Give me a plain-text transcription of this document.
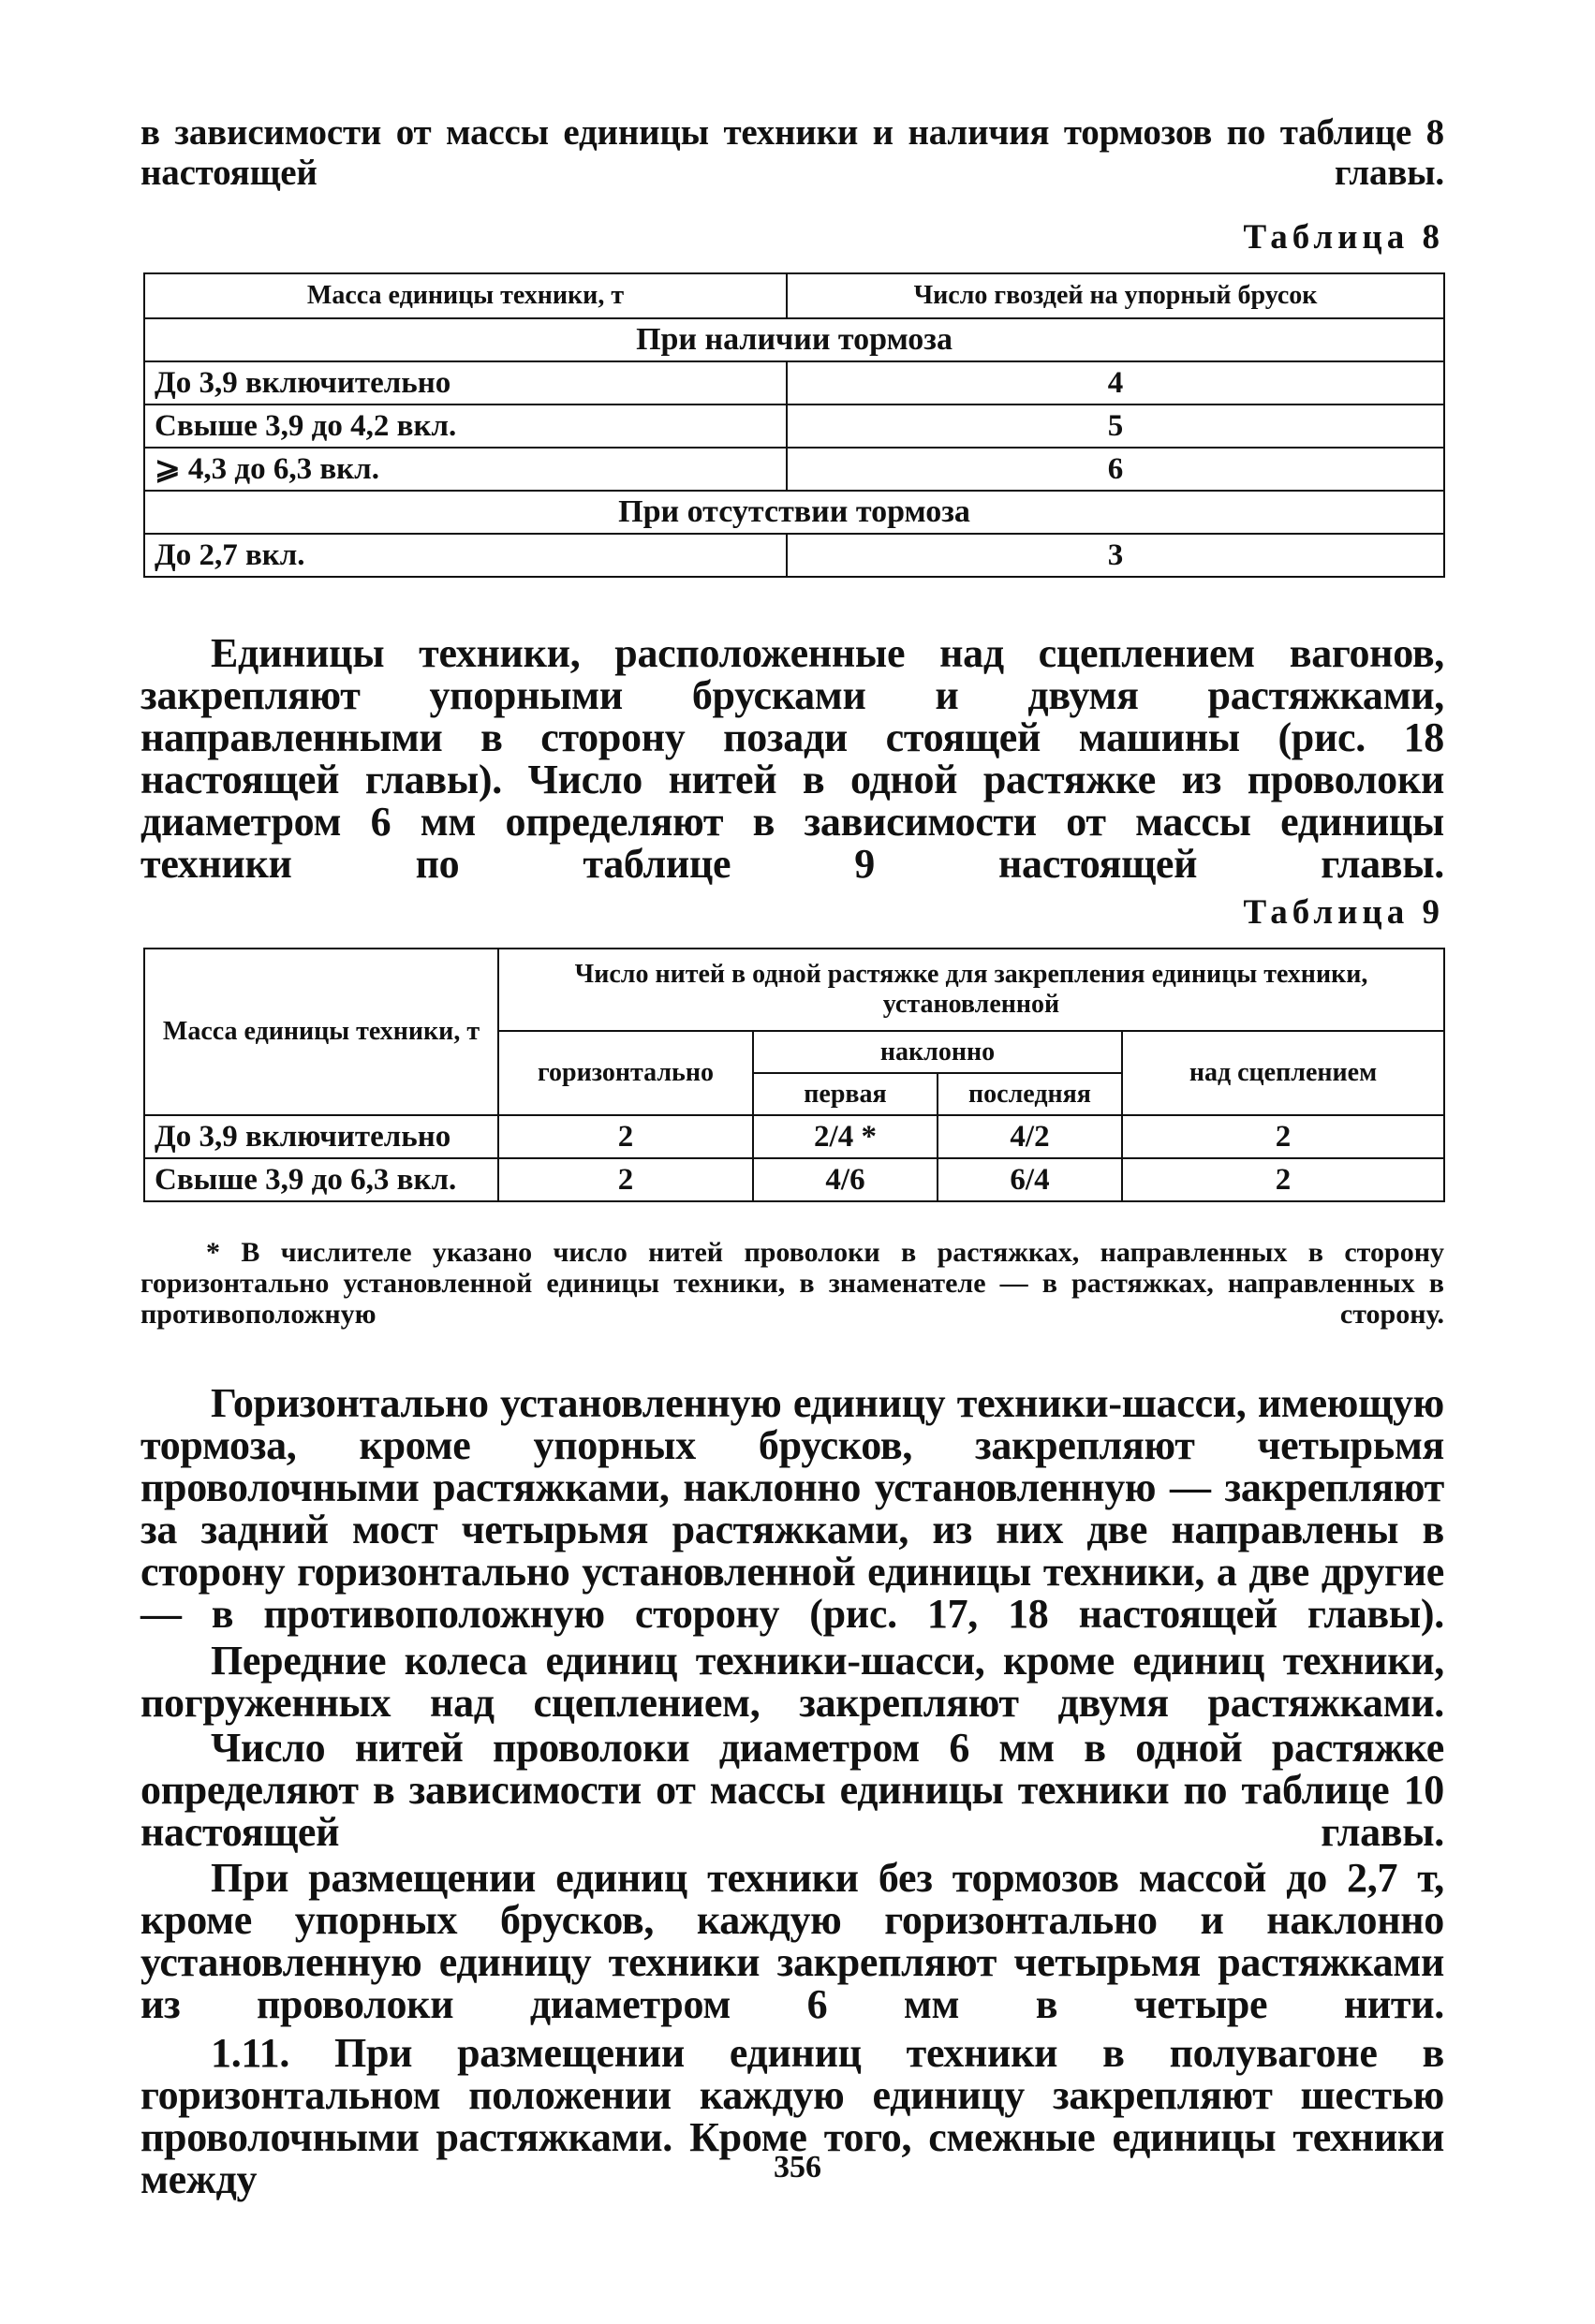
в зависимости от массы единицы техники и наличия тормозов по таблице 8 настоящей главы.

Таблица 8
Масса единицы техники, т	Число гвоздей на упорный брусок
При наличии тормоза	
До 3,9 включительно	4
Свыше 3,9 до 4,2 вкл.	5
⩾ 4,3 до 6,3 вкл.	6
При отсутствии тормоза	
До 2,7 вкл.	3

Единицы техники, расположенные над сцеплением вагонов, закрепляют упорными брусками и двумя растяжками, направленными в сторону позади стоящей машины (рис. 18 настоящей главы). Число нитей в одной растяжке из проволоки диаметром 6 мм определяют в зависимости от массы единицы техники по таблице 9 настоящей главы.

Таблица 9
Масса единицы техники, т	Число нитей в одной растяжке для закрепления единицы техники, установленной			
	горизонтально	наклонно		над сцеплением
		первая	последняя	
До 3,9 включительно	2	2/4 *	4/2	2
Свыше 3,9 до 6,3 вкл.	2	4/6	6/4	2

* В числителе указано число нитей проволоки в растяжках, направленных в сторону горизонтально установленной единицы техники, в знаменателе — в растяжках, направленных в противоположную сторону.

Горизонтально установленную единицу техники-шасси, имеющую тормоза, кроме упорных брусков, закрепляют четырьмя проволочными растяжками, наклонно установленную — закрепляют за задний мост четырьмя растяжками, из них две направлены в сторону горизонтально установленной единицы техники, а две другие — в противоположную сторону (рис. 17, 18 настоящей главы).

Передние колеса единиц техники-шасси, кроме единиц техники, погруженных над сцеплением, закрепляют двумя растяжками.

Число нитей проволоки диаметром 6 мм в одной растяжке определяют в зависимости от массы единицы техники по таблице 10 настоящей главы.

При размещении единиц техники без тормозов массой до 2,7 т, кроме упорных брусков, каждую горизонтально и наклонно установленную единицу техники закрепляют четырьмя растяжками из проволоки диаметром 6 мм в четыре нити.

1.11. При размещении единиц техники в полувагоне в горизонтальном положении каждую единицу закрепляют шестью проволочными растяжками. Кроме того, смежные единицы техники между	356
